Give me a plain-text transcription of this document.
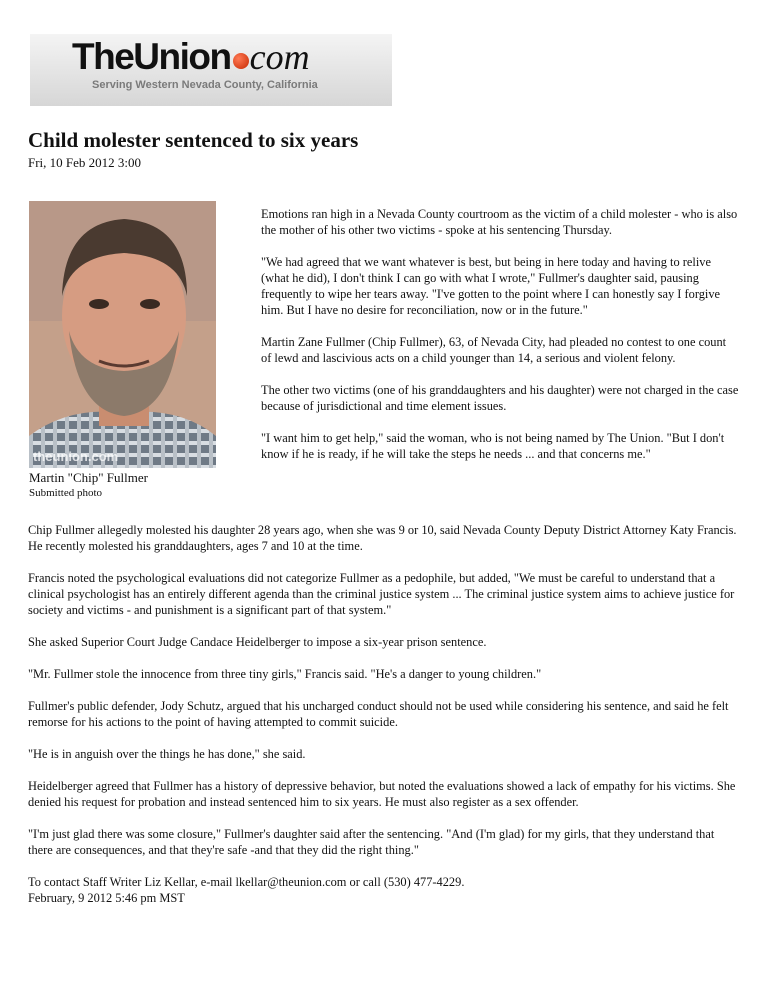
TheUnion com
Serving Western Nevada County, California
Child molester sentenced to six years
Fri, 10 Feb 2012 3:00
theunion.com
Martin "Chip" Fullmer
Submitted photo

Emotions ran high in a Nevada County courtroom as the victim of a child molester - who is also the mother of his other two victims - spoke at his sentencing Thursday.

"We had agreed that we want whatever is best, but being in here today and having to relive (what he did), I don't think I can go with what I wrote," Fullmer's daughter said, pausing frequently to wipe her tears away. "I've gotten to the point where I can honestly say I forgive him. But I have no desire for reconciliation, now or in the future."

Martin Zane Fullmer (Chip Fullmer), 63, of Nevada City, had pleaded no contest to one count of lewd and lascivious acts on a child younger than 14, a serious and violent felony.

The other two victims (one of his granddaughters and his daughter) were not charged in the case because of jurisdictional and time element issues.

"I want him to get help," said the woman, who is not being named by The Union. "But I don't know if he is ready, if he will take the steps he needs ... and that concerns me."

Chip Fullmer allegedly molested his daughter 28 years ago, when she was 9 or 10, said Nevada County Deputy District Attorney Katy Francis. He recently molested his granddaughters, ages 7 and 10 at the time.

Francis noted the psychological evaluations did not categorize Fullmer as a pedophile, but added, "We must be careful to understand that a clinical psychologist has an entirely different agenda than the criminal justice system ... The criminal justice system aims to achieve justice for society and victims - and punishment is a significant part of that system."

She asked Superior Court Judge Candace Heidelberger to impose a six-year prison sentence.

"Mr. Fullmer stole the innocence from three tiny girls," Francis said. "He's a danger to young children."

Fullmer's public defender, Jody Schutz, argued that his uncharged conduct should not be used while considering his sentence, and said he felt remorse for his actions to the point of having attempted to commit suicide.

"He is in anguish over the things he has done," she said.

Heidelberger agreed that Fullmer has a history of depressive behavior, but noted the evaluations showed a lack of empathy for his victims. She denied his request for probation and instead sentenced him to six years. He must also register as a sex offender.

"I'm just glad there was some closure," Fullmer's daughter said after the sentencing. "And (I'm glad) for my girls, that they understand that there are consequences, and that they're safe -and that they did the right thing."

To contact Staff Writer Liz Kellar, e-mail lkellar@theunion.com or call (530) 477-4229.
February, 9 2012 5:46 pm MST
